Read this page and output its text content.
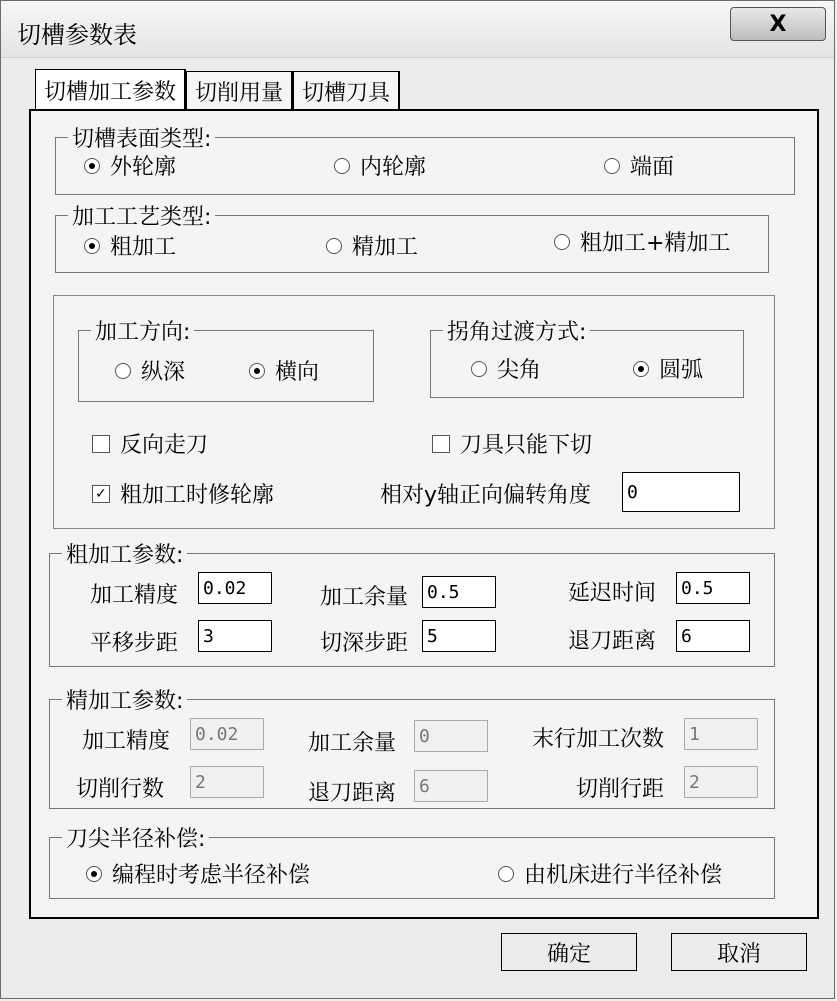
切槽参数表	X
切槽加工参数 切削用量 切槽刀具
切槽表面类型:
外轮廓	内轮廓	端面
加工工艺类型:
粗加工	精加工	粗加工+精加工
加工方向:
纵深	横向
拐角过渡方式:
尖角	圆弧
反向走刀	刀具只能下切
✓ 粗加工时修轮廓	相对y轴正向偏转角度 0
粗加工参数:
加工精度 0.02	加工余量 0.5	延迟时间 0.5
平移步距 3	切深步距 5	退刀距离 6
精加工参数:
加工精度 0.02	加工余量 0	末行加工次数 1
切削行数 2	退刀距离 6	切削行距 2
刀尖半径补偿:
编程时考虑半径补偿	由机床进行半径补偿
确定	取消
